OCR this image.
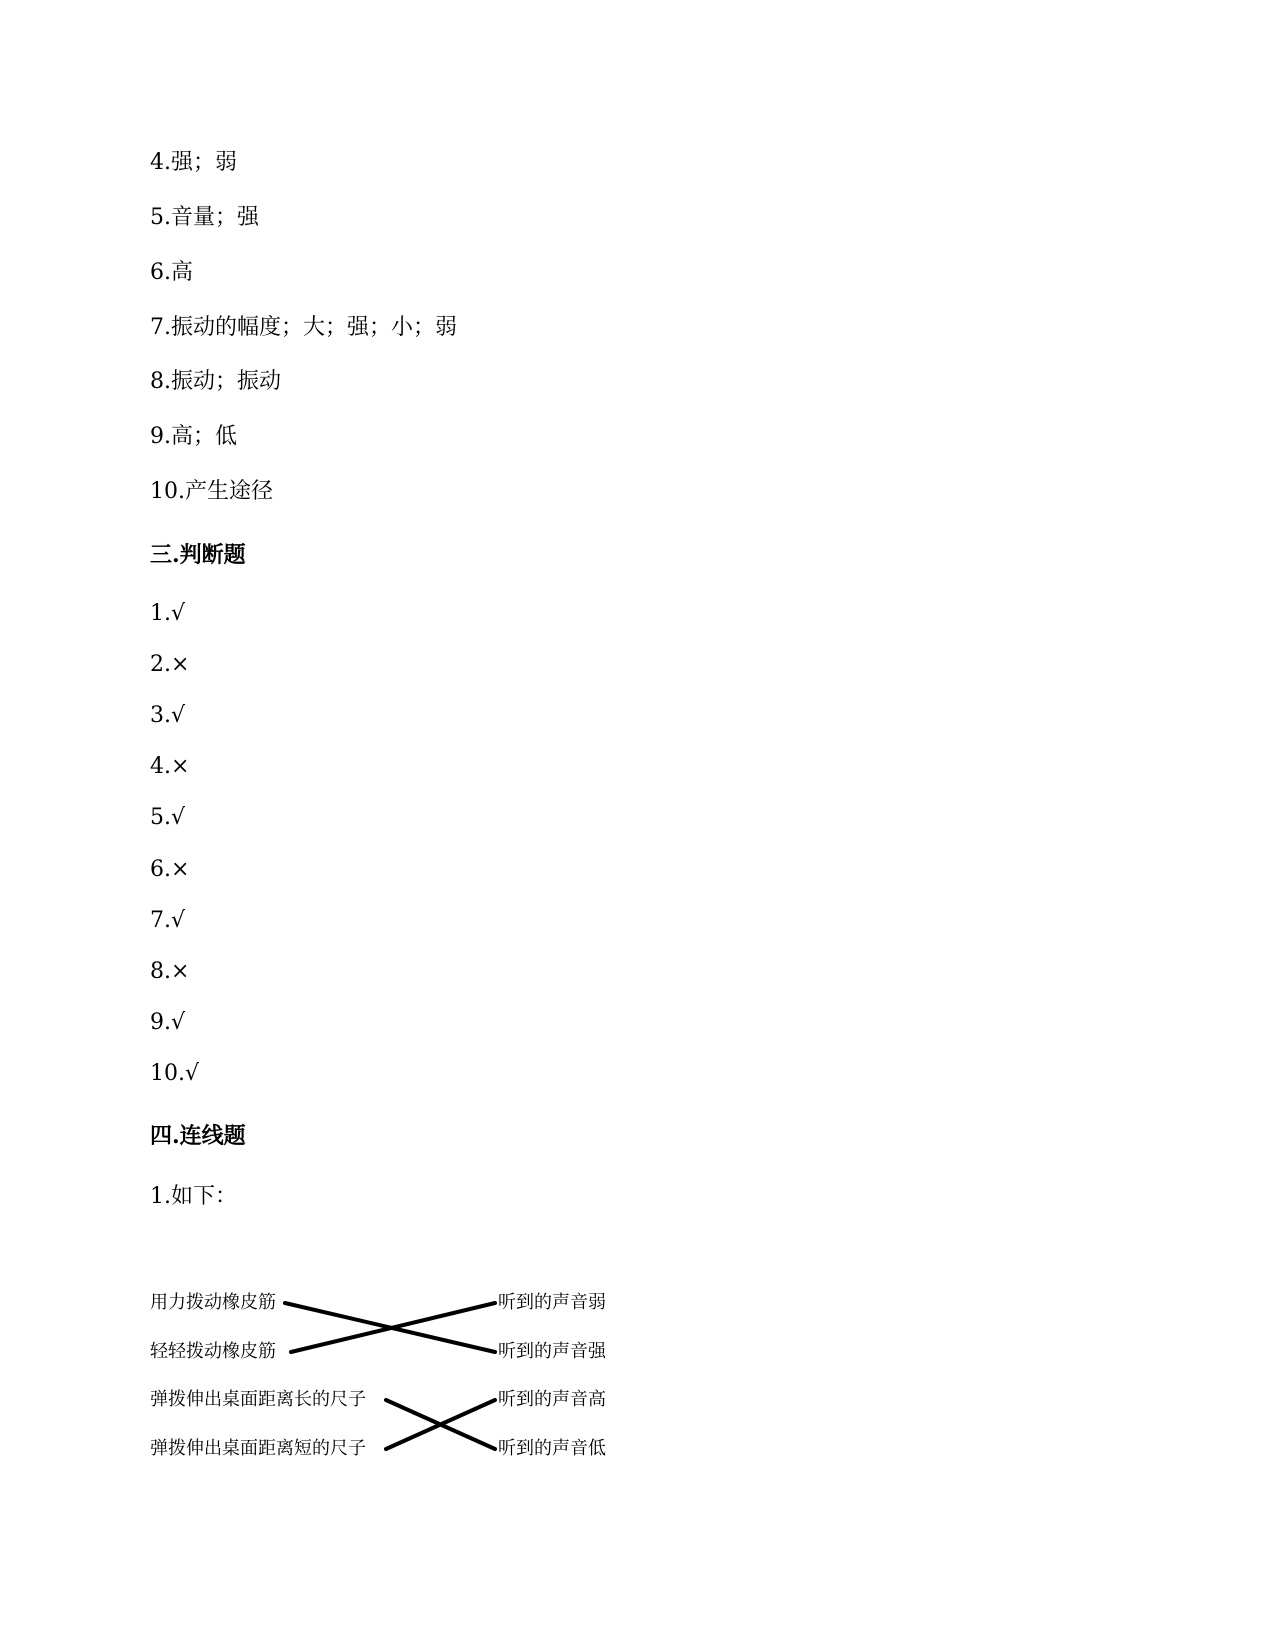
4.强；弱
5.音量；强
6.高
7.振动的幅度；大；强；小；弱
8.振动；振动
9.高；低
10.产生途径
三.判断题
1.√
2.×
3.√
4.×
5.√
6.×
7.√
8.×
9.√
10.√
四.连线题
1.如下：
用力拨动橡皮筋
轻轻拨动橡皮筋
弹拨伸出桌面距离长的尺子
弹拨伸出桌面距离短的尺子
听到的声音弱
听到的声音强
听到的声音高
听到的声音低
